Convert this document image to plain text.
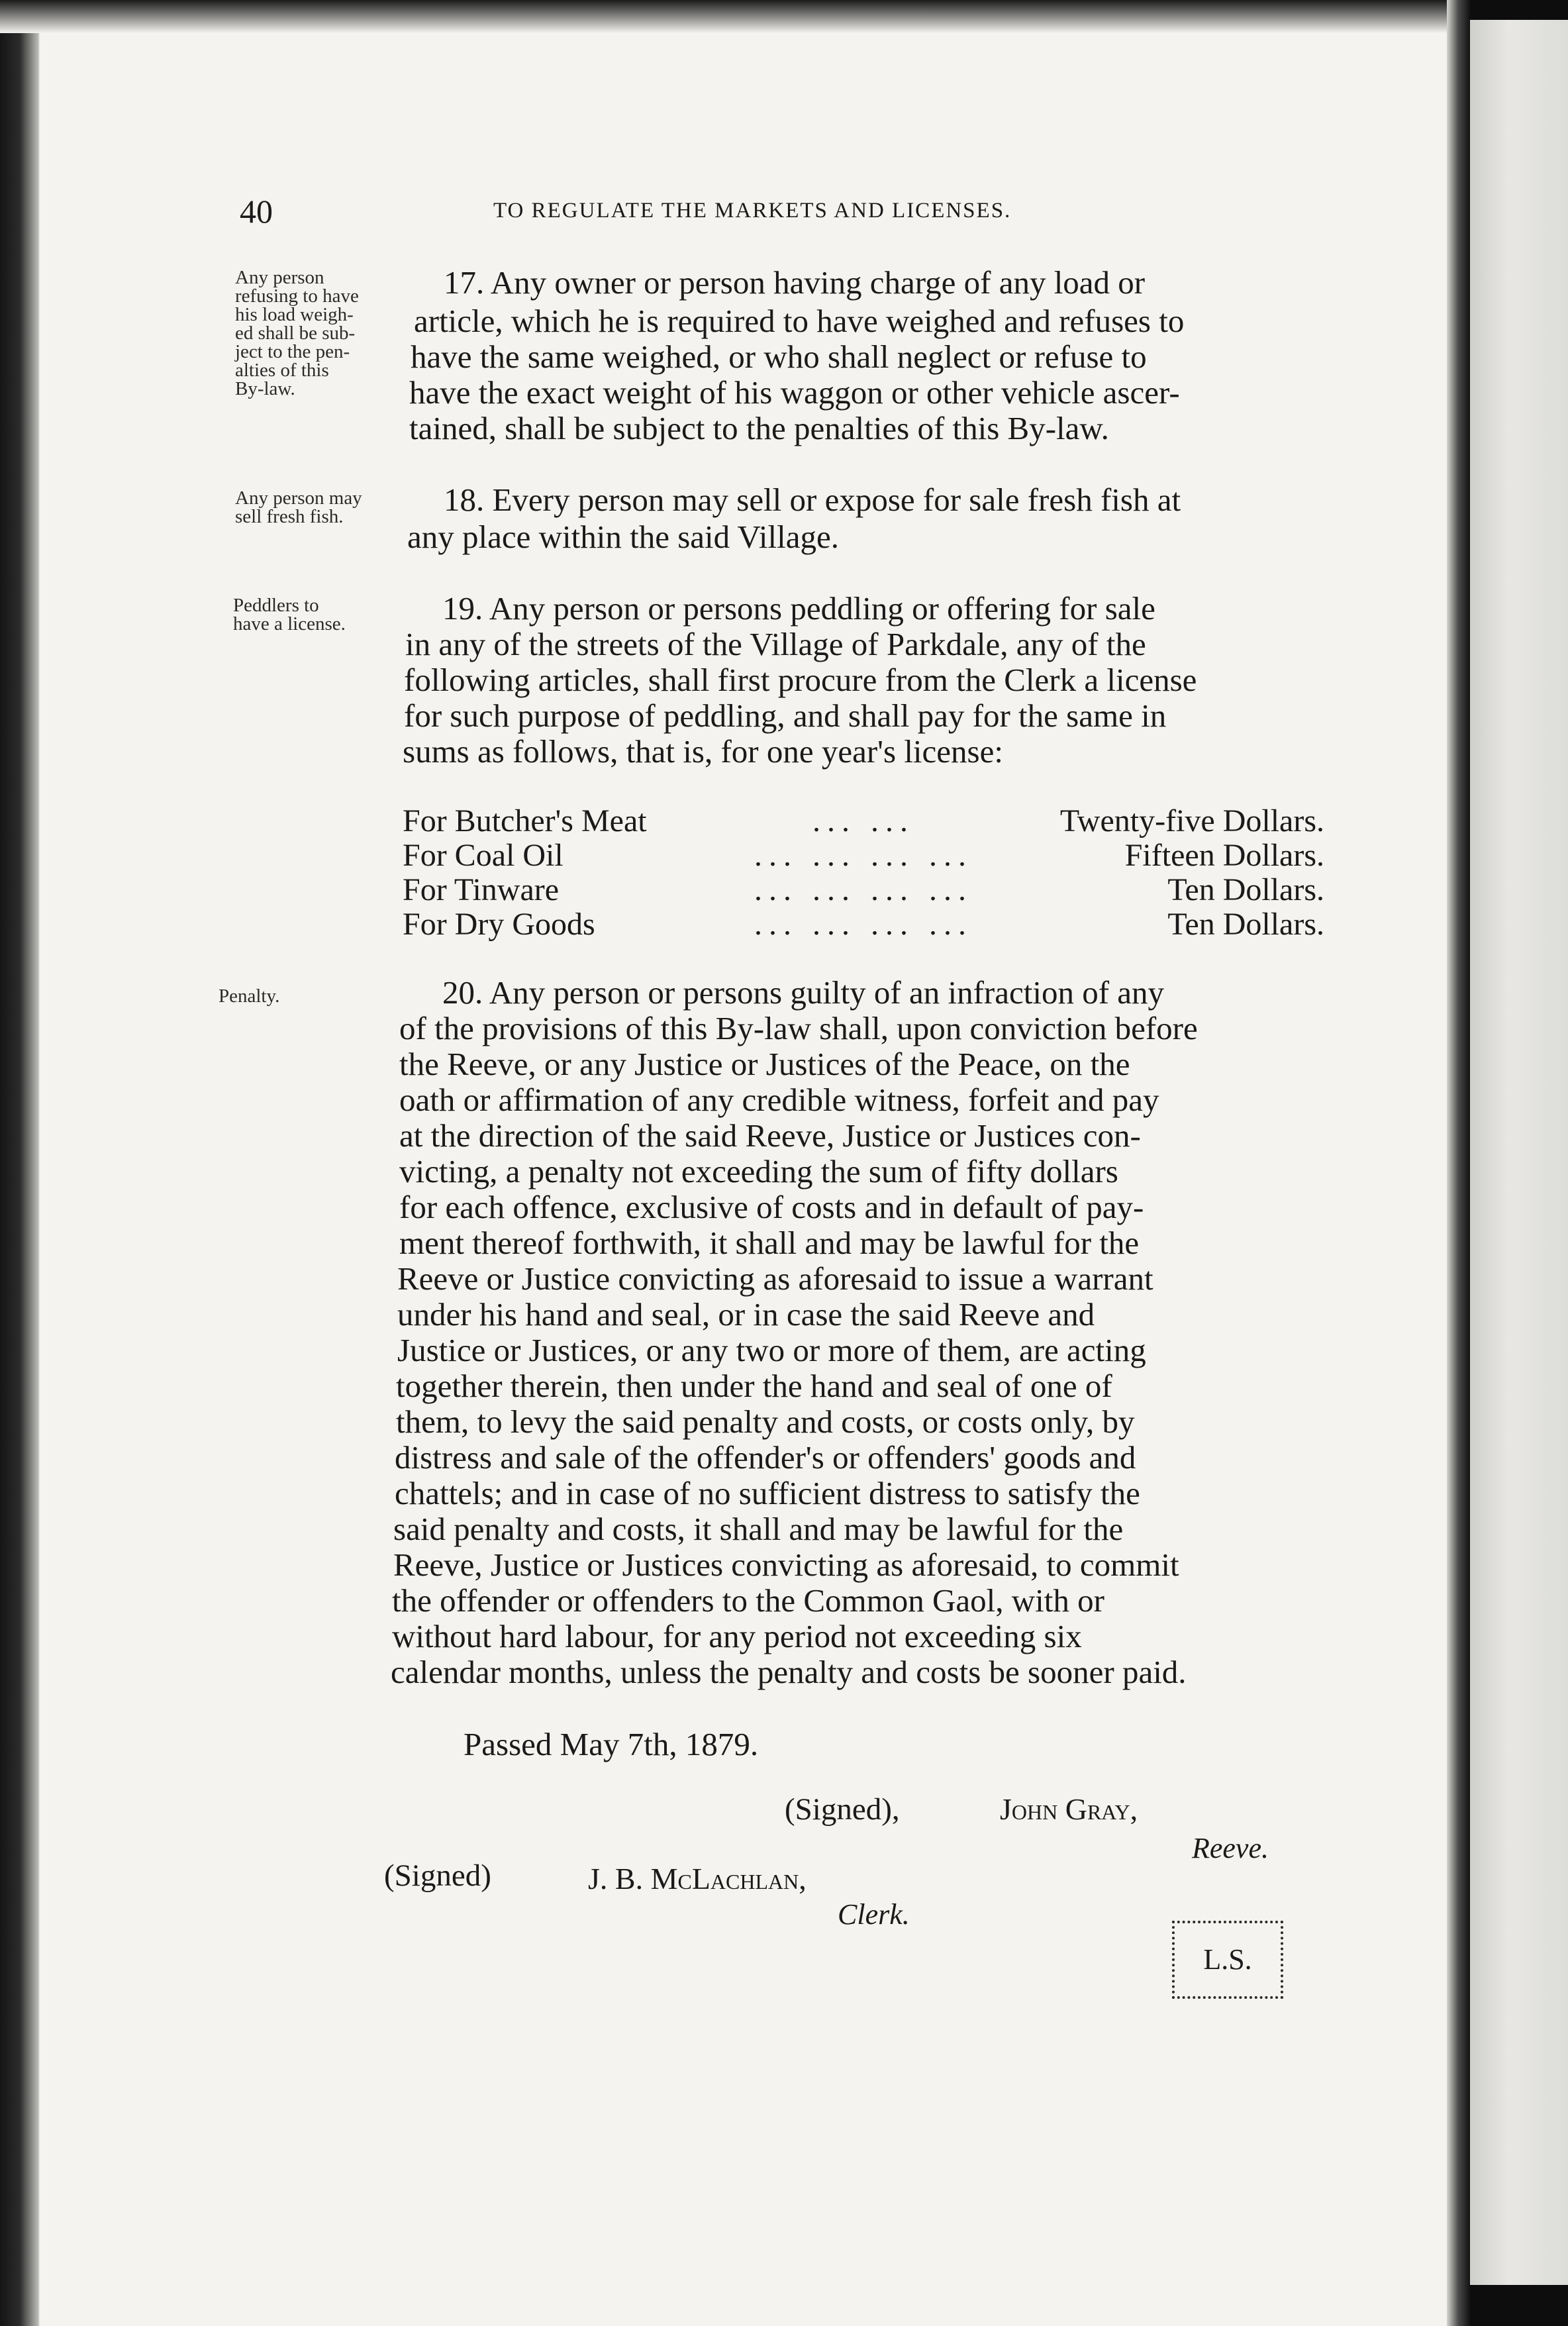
40	TO REGULATE THE MARKETS AND LICENSES.
Any person
refusing to have
his load weigh-
ed shall be sub-
ject to the pen-
alties of this
By-law.
17. Any owner or person having charge of any load or
article, which he is required to have weighed and refuses to
have the same weighed, or who shall neglect or refuse to
have the exact weight of his waggon or other vehicle ascer-
tained, shall be subject to the penalties of this By-law.
Any person may
sell fresh fish.	18. Every person may sell or expose for sale fresh fish at
any place within the said Village.
Peddlers to
have a license.	19. Any person or persons peddling or offering for sale
in any of the streets of the Village of Parkdale, any of the
following articles, shall first procure from the Clerk a license
for such purpose of peddling, and shall pay for the same in
sums as follows, that is, for one year's license:
For Butcher's Meat	... ...	Twenty-five Dollars.
For Coal Oil	... ... ... ...	Fifteen Dollars.
For Tinware	... ... ... ...	Ten Dollars.
For Dry Goods	... ... ... ...	Ten Dollars.
Penalty.	20. Any person or persons guilty of an infraction of any
of the provisions of this By-law shall, upon conviction before
the Reeve, or any Justice or Justices of the Peace, on the
oath or affirmation of any credible witness, forfeit and pay
at the direction of the said Reeve, Justice or Justices con-
victing, a penalty not exceeding the sum of fifty dollars
for each offence, exclusive of costs and in default of pay-
ment thereof forthwith, it shall and may be lawful for the
Reeve or Justice convicting as aforesaid to issue a warrant
under his hand and seal, or in case the said Reeve and
Justice or Justices, or any two or more of them, are acting
together therein, then under the hand and seal of one of
them, to levy the said penalty and costs, or costs only, by
distress and sale of the offender's or offenders' goods and
chattels; and in case of no sufficient distress to satisfy the
said penalty and costs, it shall and may be lawful for the
Reeve, Justice or Justices convicting as aforesaid, to commit
the offender or offenders to the Common Gaol, with or
without hard labour, for any period not exceeding six
calendar months, unless the penalty and costs be sooner paid.
Passed May 7th, 1879.
(Signed),	John Gray,
Reeve.
(Signed)	J. B. McLachlan,
Clerk.
L.S.
